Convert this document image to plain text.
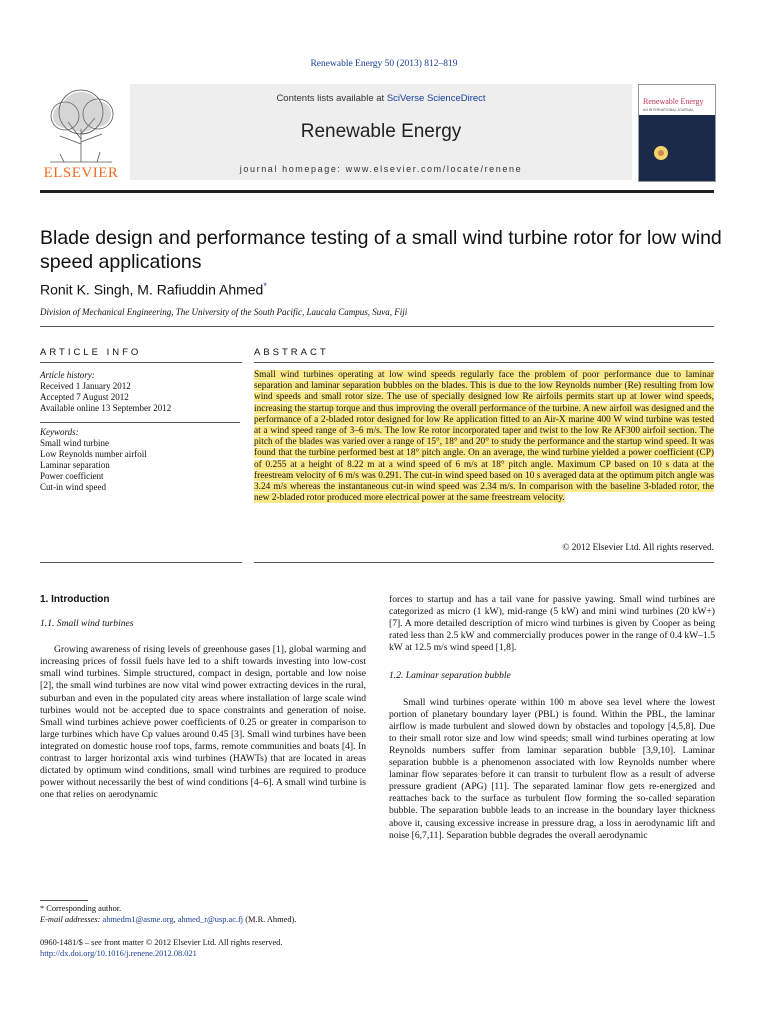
Renewable Energy 50 (2013) 812–819
ELSEVIER
Contents lists available at SciVerse ScienceDirect
Renewable Energy
journal homepage: www.elsevier.com/locate/renene
Renewable Energy
AN INTERNATIONAL JOURNAL
Blade design and performance testing of a small wind turbine rotor for low wind speed applications
Ronit K. Singh, M. Rafiuddin Ahmed*
Division of Mechanical Engineering, The University of the South Pacific, Laucala Campus, Suva, Fiji
ARTICLE INFO	ABSTRACT
Article history:
Received 1 January 2012
Accepted 7 August 2012
Available online 13 September 2012
Keywords:
Small wind turbine
Low Reynolds number airfoil
Laminar separation
Power coefficient
Cut-in wind speed
Small wind turbines operating at low wind speeds regularly face the problem of poor performance due to laminar separation and laminar separation bubbles on the blades. This is due to the low Reynolds number (Re) resulting from low wind speeds and small rotor size. The use of specially designed low Re airfoils permits start up at lower wind speeds, increasing the startup torque and thus improving the overall performance of the turbine. A new airfoil was designed and the performance of a 2-bladed rotor designed for low Re application fitted to an Air-X marine 400 W wind turbine was tested at a wind speed range of 3–6 m/s. The low Re rotor incorporated taper and twist to the low Re AF300 airfoil section. The pitch of the blades was varied over a range of 15°, 18° and 20° to study the performance and the startup wind speed. It was found that the turbine performed best at 18° pitch angle. On an average, the wind turbine yielded a power coefficient (CP) of 0.255 at a height of 8.22 m at a wind speed of 6 m/s at 18° pitch angle. Maximum CP based on 10 s data at the freestream velocity of 6 m/s was 0.291. The cut-in wind speed based on 10 s averaged data at the optimum pitch angle was 3.24 m/s whereas the instantaneous cut-in wind speed was 2.34 m/s. In comparison with the baseline 3-bladed rotor, the new 2-bladed rotor produced more electrical power at the same freestream velocity.
© 2012 Elsevier Ltd. All rights reserved.
1. Introduction
1.1. Small wind turbines

Growing awareness of rising levels of greenhouse gases [1], global warming and increasing prices of fossil fuels have led to a shift towards investing into low-cost small wind turbines. Simple structured, compact in design, portable and low noise [2], the small wind turbines are now vital wind power extracting devices in the rural, suburban and even in the populated city areas where installation of large scale wind turbines would not be accepted due to space constraints and generation of noise. Small wind turbines achieve power coefficients of 0.25 or greater in comparison to large turbines which have Cp values around 0.45 [3]. Small wind turbines have been integrated on domestic house roof tops, farms, remote communities and boats [4]. In contrast to larger horizontal axis wind turbines (HAWTs) that are located in areas dictated by optimum wind conditions, small wind turbines are required to produce power without necessarily the best of wind conditions [4–6]. A small wind turbine is one that relies on aerodynamic

forces to startup and has a tail vane for passive yawing. Small wind turbines are categorized as micro (1 kW), mid-range (5 kW) and mini wind turbines (20 kW+) [7]. A more detailed description of micro wind turbines is given by Cooper as being rated less than 2.5 kW and commercially produces power in the range of 0.4 kW–1.5 kW at 12.5 m/s wind speed [1,8].

1.2. Laminar separation bubble

Small wind turbines operate within 100 m above sea level where the lowest portion of planetary boundary layer (PBL) is found. Within the PBL, the laminar airflow is made turbulent and slowed down by obstacles and topology [4,5,8]. Due to their small rotor size and low wind speeds; small wind turbines operating at low Reynolds numbers suffer from laminar separation bubble [3,9,10]. Laminar separation bubble is a phenomenon associated with low Reynolds number where laminar flow separates before it can transit to turbulent flow as a result of adverse pressure gradient (APG) [11]. The separated laminar flow gets re-energized and reattaches back to the surface as turbulent flow forming the so-called separation bubble. The separation bubble leads to an increase in the boundary layer thickness above it, causing excessive increase in pressure drag, a loss in aerodynamic lift and noise [6,7,11]. Separation bubble degrades the overall aerodynamic

* Corresponding author.
E-mail addresses: ahmedm1@asme.org, ahmed_r@usp.ac.fj (M.R. Ahmed).
0960-1481/$ – see front matter © 2012 Elsevier Ltd. All rights reserved.
http://dx.doi.org/10.1016/j.renene.2012.08.021
